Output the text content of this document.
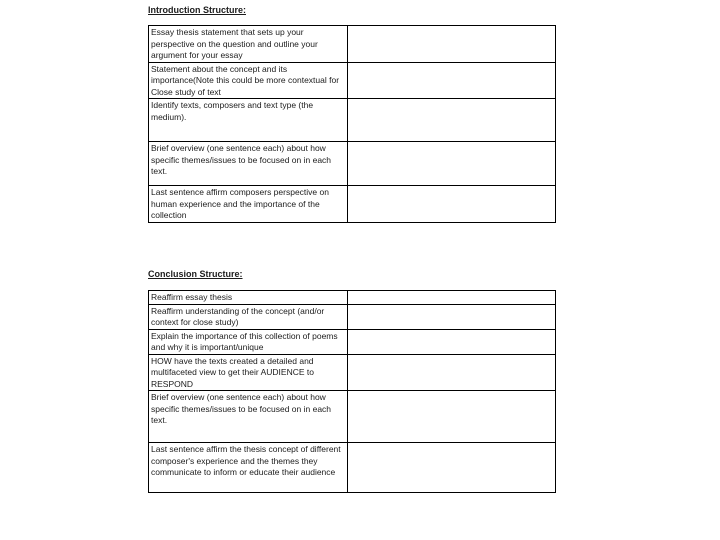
Introduction Structure:
Essay thesis statement that sets up your perspective on the question and outline your argument for your essay
Statement about the concept and its importance(Note this could be more contextual for Close study of text
Identify texts, composers and text type (the medium).
Brief overview (one sentence each) about how specific themes/issues to be focused on in each text.
Last sentence affirm composers perspective on human experience and the importance of the collection
Conclusion Structure:
Reaffirm essay thesis
Reaffirm understanding of the concept (and/or context for close study)
Explain the importance of this collection of poems and why it is important/unique
HOW have the texts created a detailed and multifaceted view to get their AUDIENCE to RESPOND
Brief overview (one sentence each) about how specific themes/issues to be focused on in each text.
Last sentence affirm the thesis concept of different composer's experience and the themes they communicate to inform or educate their audience
